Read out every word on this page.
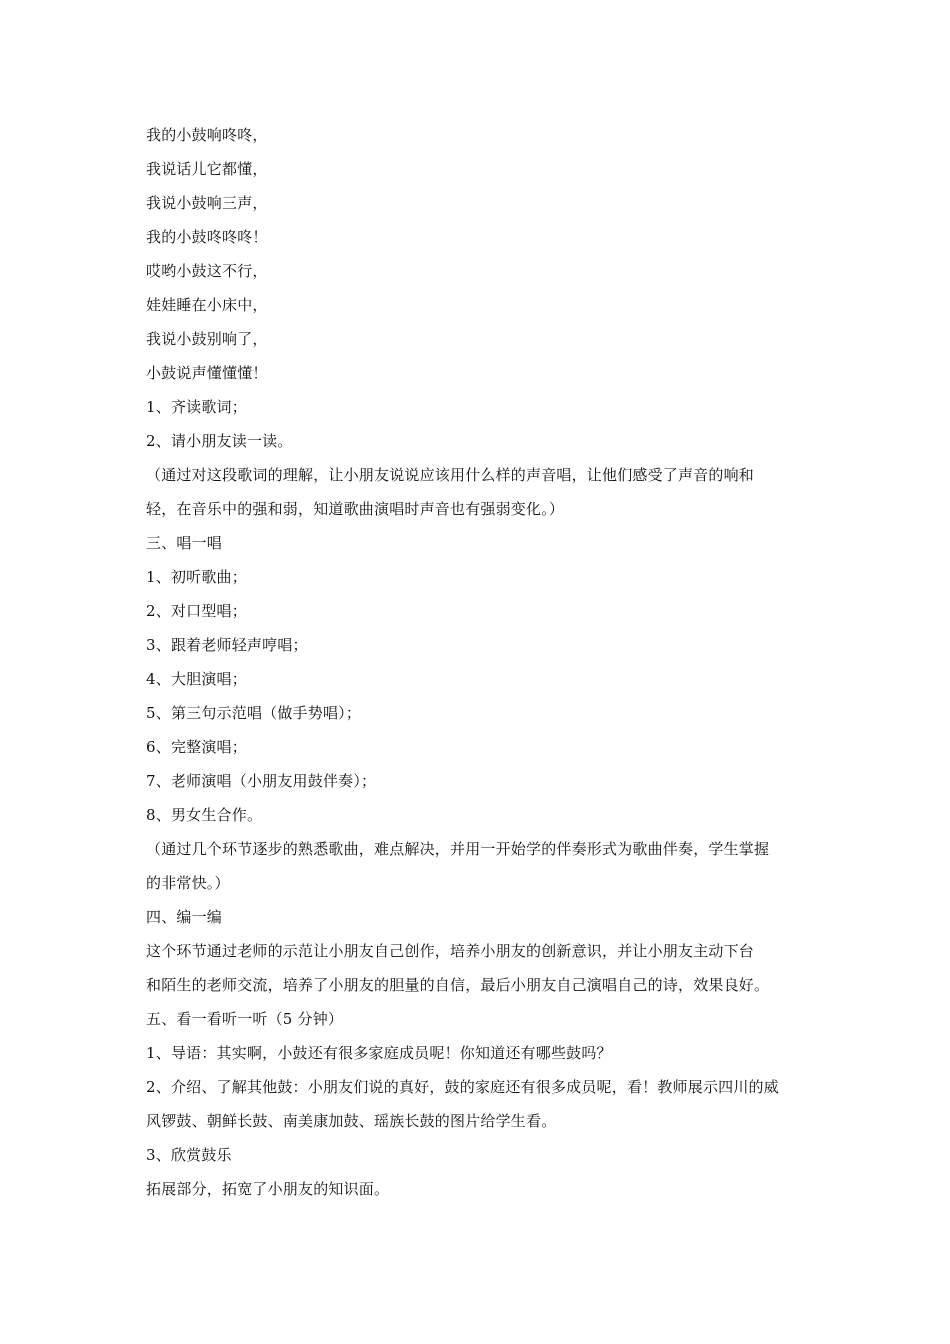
我的小鼓响咚咚，
我说话儿它都懂，
我说小鼓响三声，
我的小鼓咚咚咚！
哎哟小鼓这不行，
娃娃睡在小床中，
我说小鼓别响了，
小鼓说声懂懂懂！
1、齐读歌词；
2、请小朋友读一读。
（通过对这段歌词的理解，让小朋友说说应该用什么样的声音唱，让他们感受了声音的响和
轻，在音乐中的强和弱，知道歌曲演唱时声音也有强弱变化。）
三、唱一唱
1、初听歌曲；
2、对口型唱；
3、跟着老师轻声哼唱；
4、大胆演唱；
5、第三句示范唱（做手势唱）；
6、完整演唱；
7、老师演唱（小朋友用鼓伴奏）；
8、男女生合作。
（通过几个环节逐步的熟悉歌曲，难点解决，并用一开始学的伴奏形式为歌曲伴奏，学生掌握
的非常快。）
四、编一编
这个环节通过老师的示范让小朋友自己创作，培养小朋友的创新意识，并让小朋友主动下台
和陌生的老师交流，培养了小朋友的胆量的自信，最后小朋友自己演唱自己的诗，效果良好。
五、看一看听一听（5 分钟）
1、导语：其实啊，小鼓还有很多家庭成员呢！你知道还有哪些鼓吗？
2、介绍、了解其他鼓：小朋友们说的真好，鼓的家庭还有很多成员呢，看！教师展示四川的威
风锣鼓、朝鲜长鼓、南美康加鼓、瑶族长鼓的图片给学生看。
3、欣赏鼓乐
拓展部分，拓宽了小朋友的知识面。
